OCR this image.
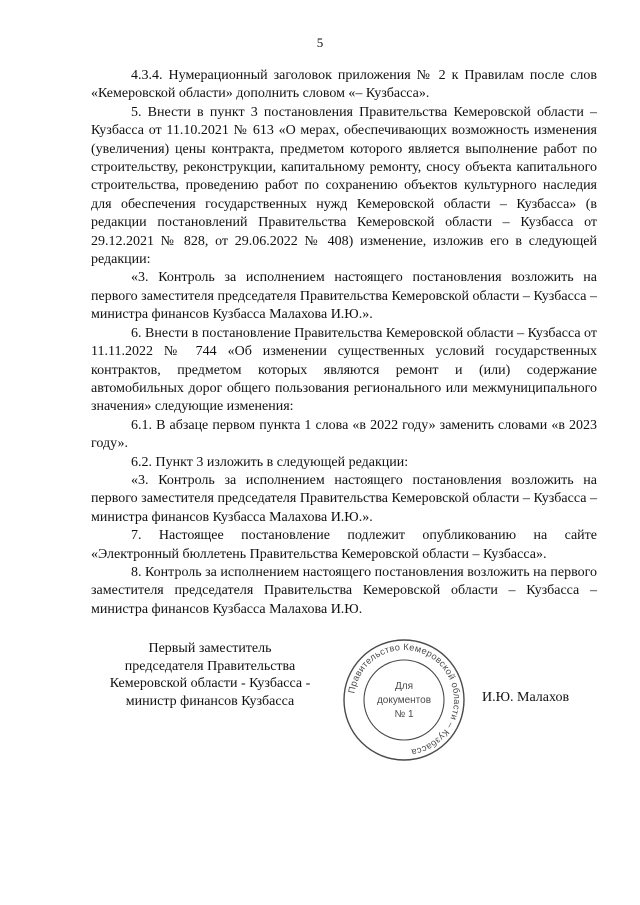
5

4.3.4. Нумерационный заголовок приложения № 2 к Правилам после слов «Кемеровской области» дополнить словом «– Кузбасса».

5. Внести в пункт 3 постановления Правительства Кемеровской области – Кузбасса от 11.10.2021 № 613 «О мерах, обеспечивающих возможность изменения (увеличения) цены контракта, предметом которого является выполнение работ по строительству, реконструкции, капитальному ремонту, сносу объекта капитального строительства, проведению работ по сохранению объектов культурного наследия для обеспечения государственных нужд Кемеровской области – Кузбасса» (в редакции постановлений Правительства Кемеровской области – Кузбасса от 29.12.2021 № 828, от 29.06.2022 № 408) изменение, изложив его в следующей редакции:

«3. Контроль за исполнением настоящего постановления возложить на первого заместителя председателя Правительства Кемеровской области – Кузбасса – министра финансов Кузбасса Малахова И.Ю.».

6. Внести в постановление Правительства Кемеровской области – Кузбасса от 11.11.2022 № 744 «Об изменении существенных условий государственных контрактов, предметом которых являются ремонт и (или) содержание автомобильных дорог общего пользования регионального или межмуниципального значения» следующие изменения:

6.1. В абзаце первом пункта 1 слова «в 2022 году» заменить словами «в 2023 году».

6.2. Пункт 3 изложить в следующей редакции:

«3. Контроль за исполнением настоящего постановления возложить на первого заместителя председателя Правительства Кемеровской области – Кузбасса – министра финансов Кузбасса Малахова И.Ю.».

7. Настоящее постановление подлежит опубликованию на сайте «Электронный бюллетень Правительства Кемеровской области – Кузбасса».

8. Контроль за исполнением настоящего постановления возложить на первого заместителя председателя Правительства Кемеровской области – Кузбасса – министра финансов Кузбасса Малахова И.Ю.

Первый заместитель
председателя Правительства
Кемеровской области - Кузбасса -
министр финансов Кузбасса
Правительство Кемеровской области – Кузбасса
Для
документов
№ 1
И.Ю. Малахов
